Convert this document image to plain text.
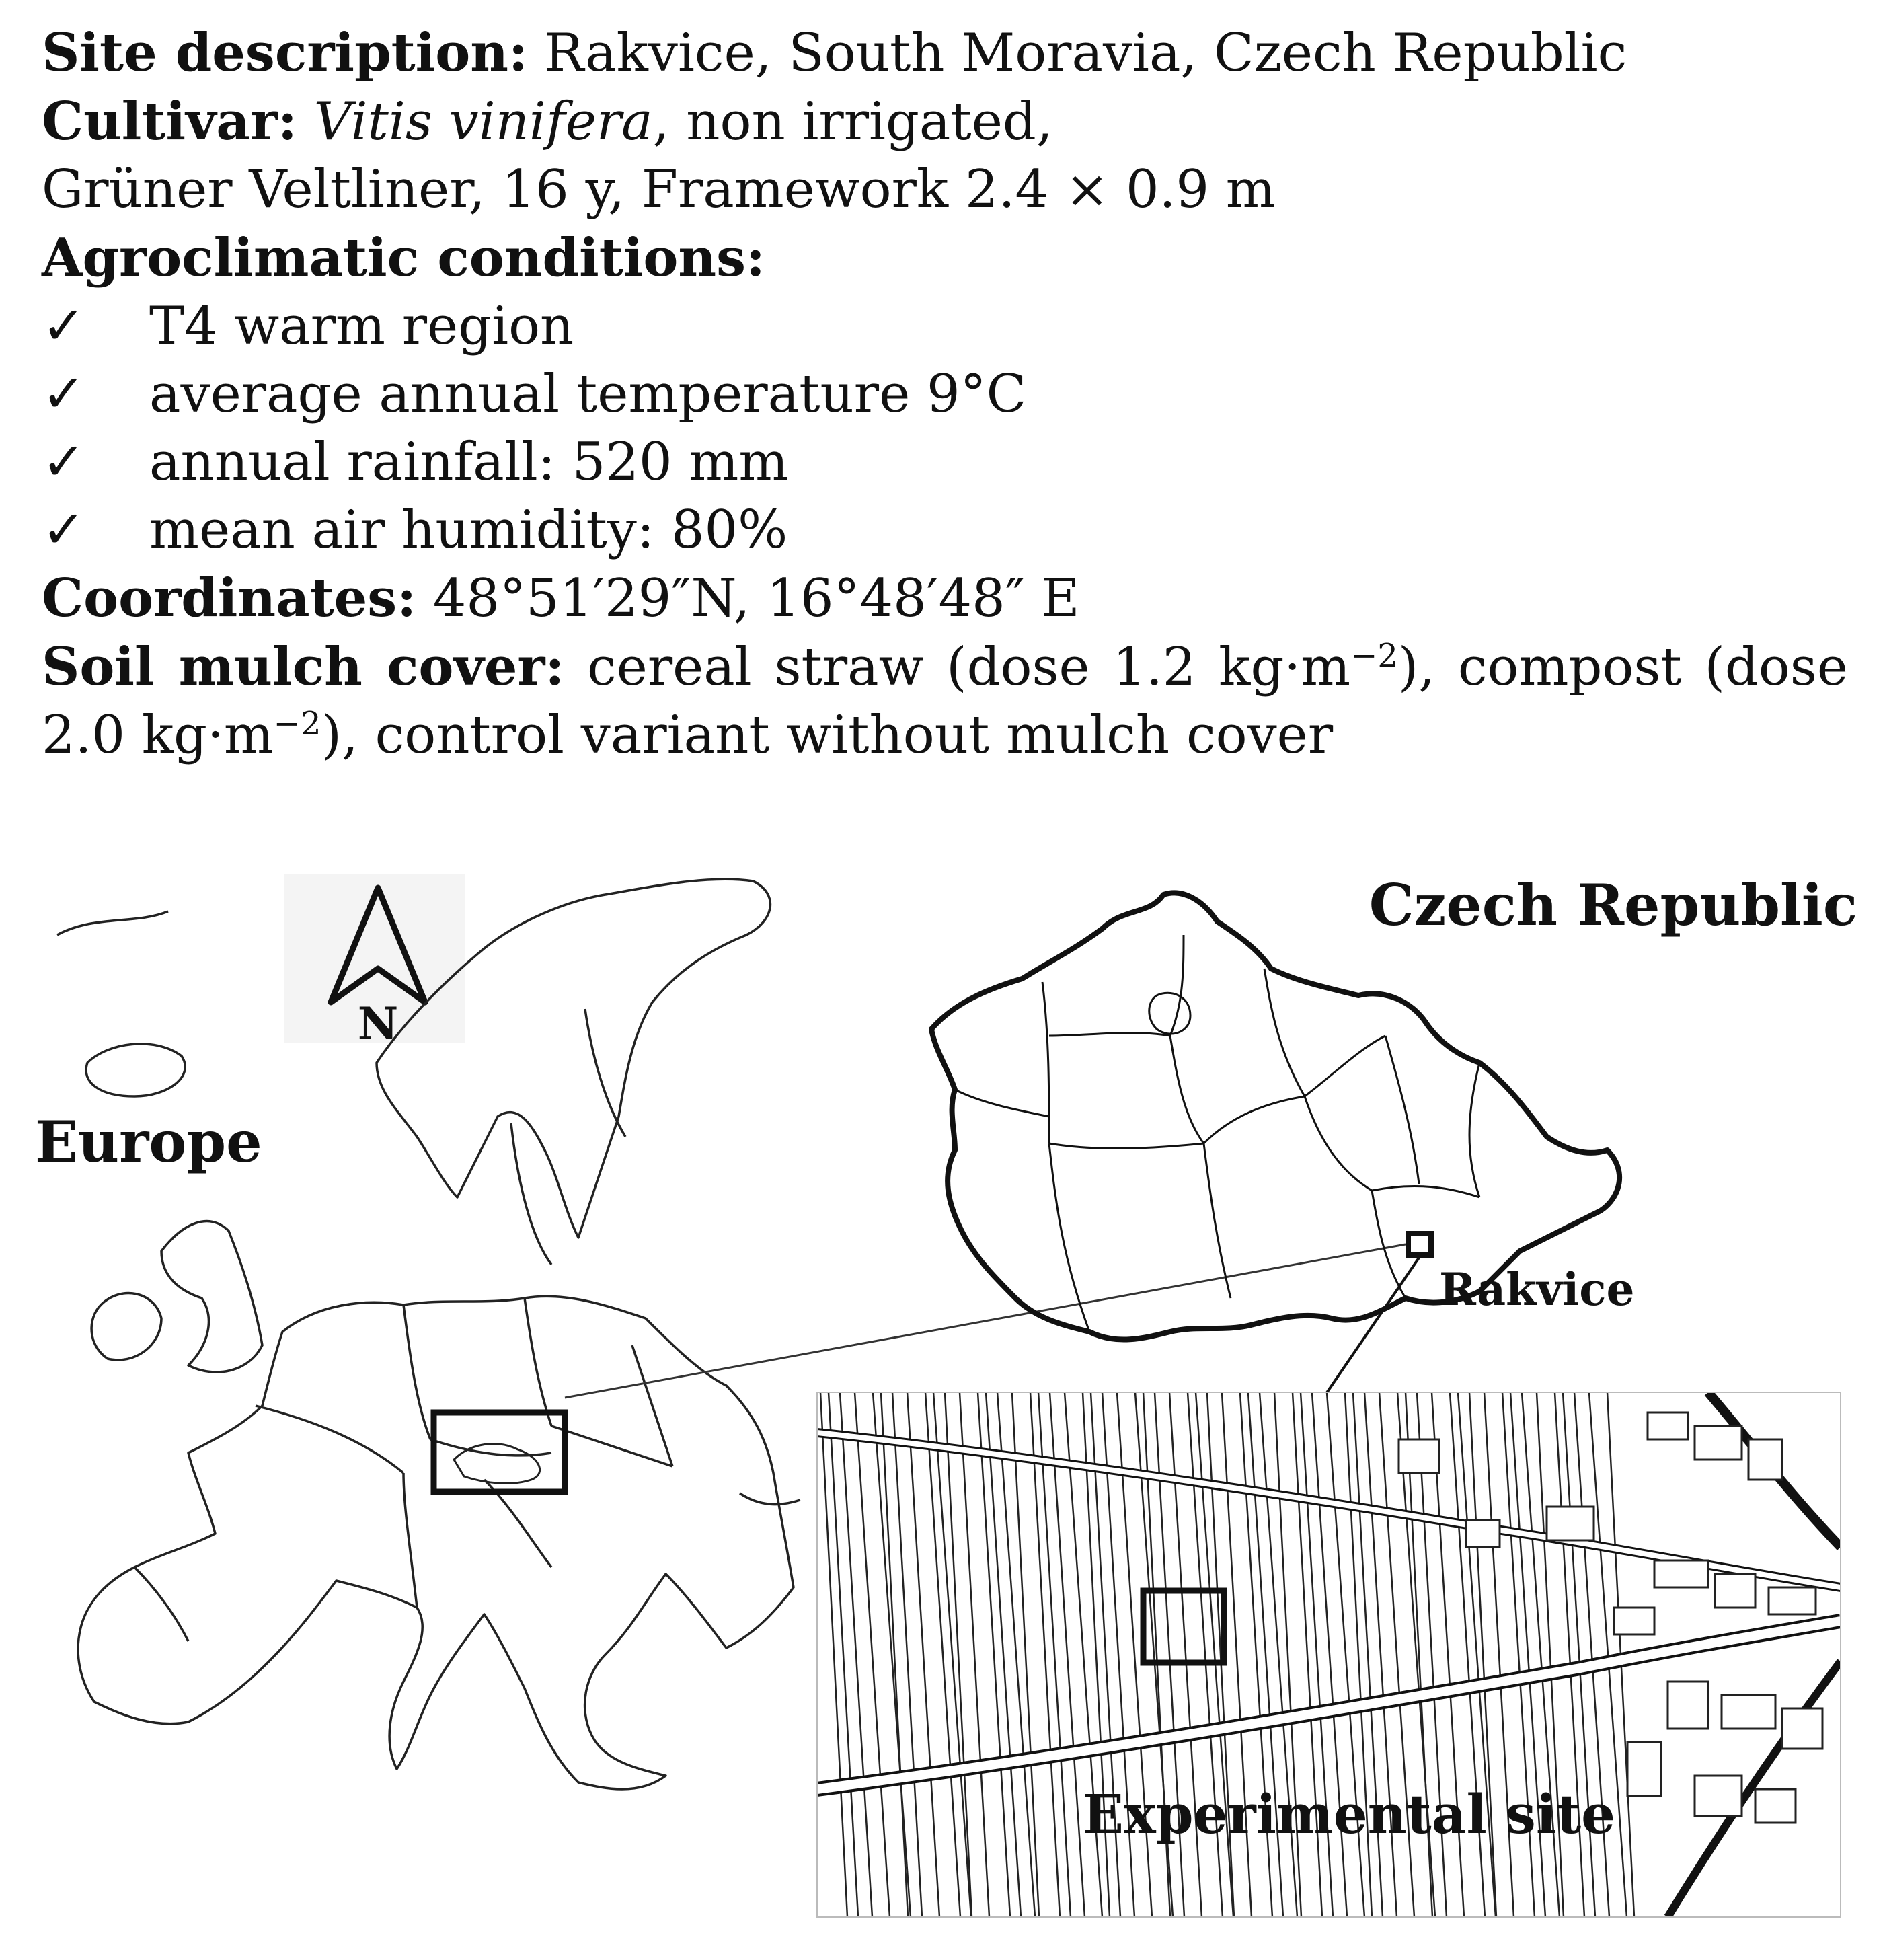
Site description: Rakvice, South Moravia, Czech Republic
Cultivar: Vitis vinifera, non irrigated,
Grüner Veltliner, 16 y, Framework 2.4 × 0.9 m
Agroclimatic conditions:
✓	T4 warm region
✓	average annual temperature 9°C
✓	annual rainfall: 520 mm
✓	mean air humidity: 80%
Coordinates: 48°51′29″N, 16°48′48″ E
Soil mulch cover: cereal straw (dose 1.2 $kg\cdot m^{-2}$), compost (dose 2.0 $kg\cdot m^{-2}$), control variant without mulch cover
N
Europe
Czech Republic
Rakvice
Experimental site
